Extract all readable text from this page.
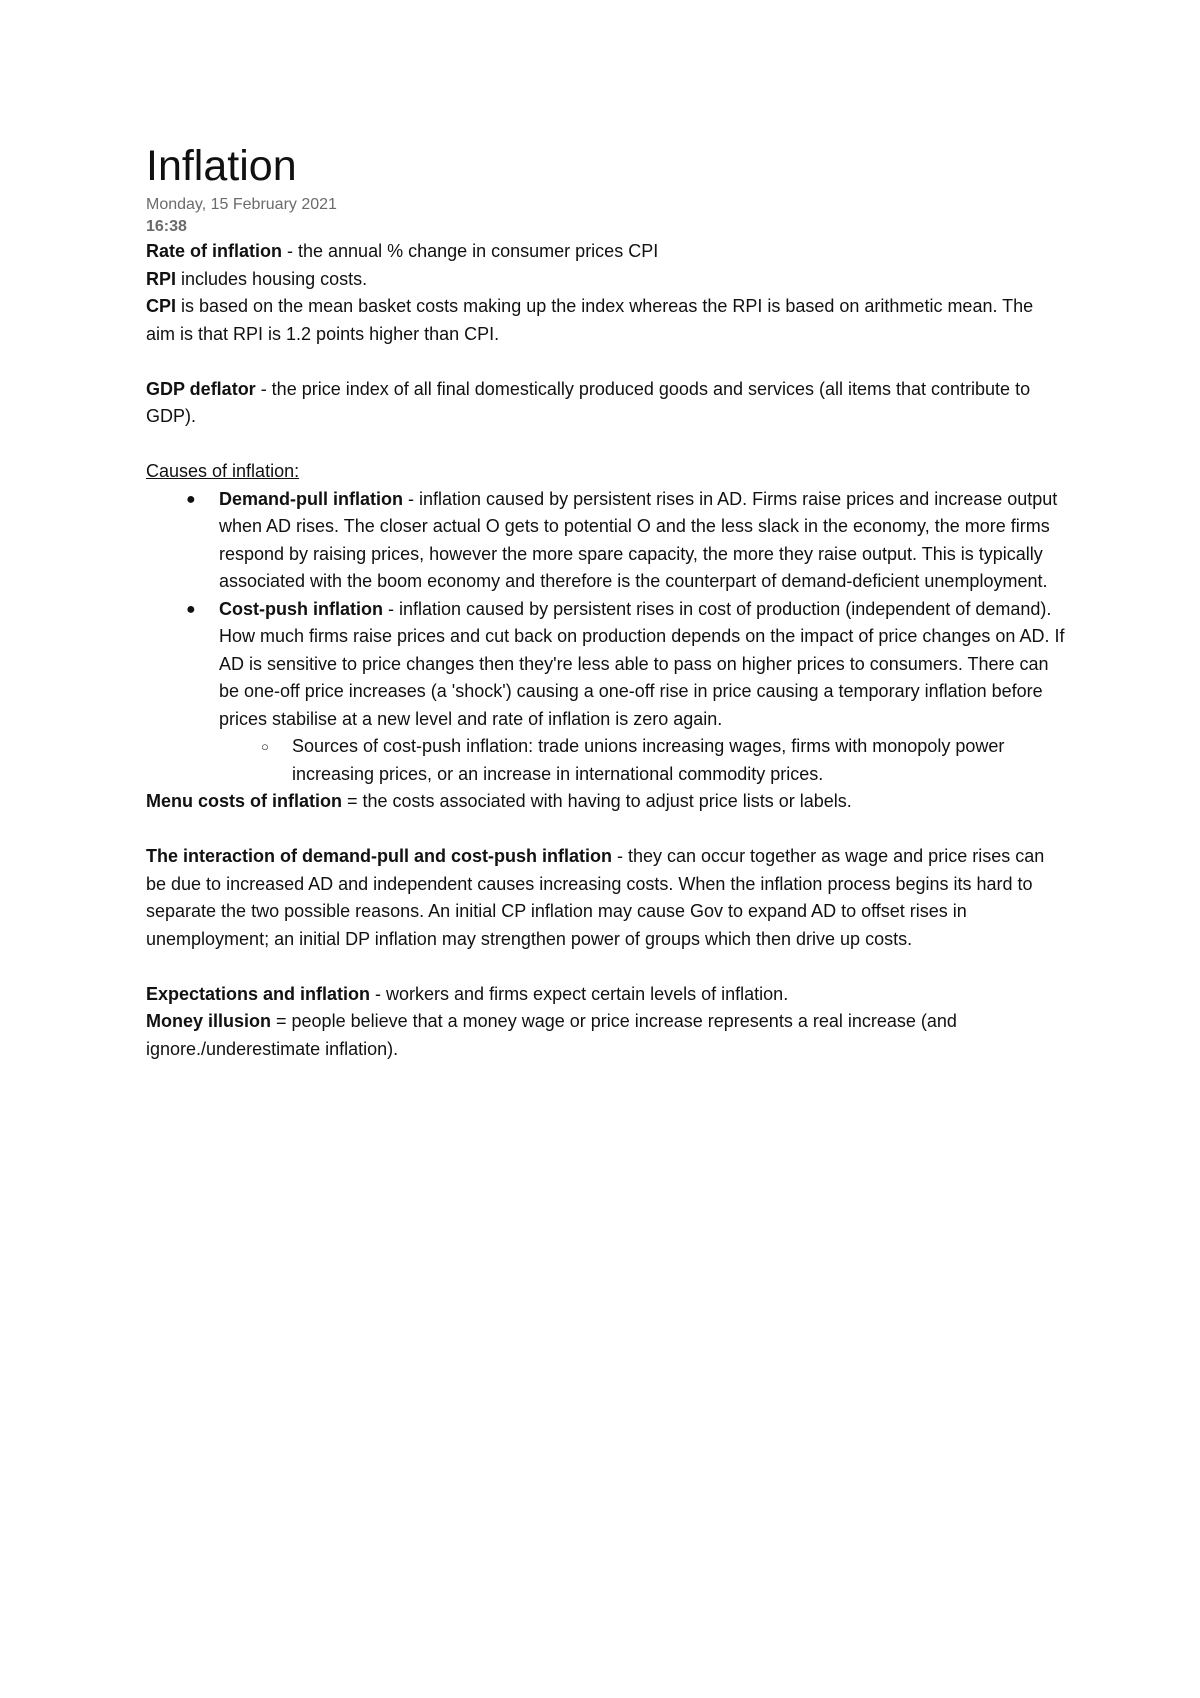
Inflation
Monday, 15 February 2021
16:38

Rate of inflation - the annual % change in consumer prices CPI

RPI includes housing costs.

CPI is based on the mean basket costs making up the index whereas the RPI is based on arithmetic mean. The aim is that RPI is 1.2 points higher than CPI.

GDP deflator - the price index of all final domestically produced goods and services (all items that contribute to GDP).

Causes of inflation:

● Demand-pull inflation - inflation caused by persistent rises in AD. Firms raise prices and increase output when AD rises. The closer actual O gets to potential O and the less slack in the economy, the more firms respond by raising prices, however the more spare capacity, the more they raise output. This is typically associated with the boom economy and therefore is the counterpart of demand-deficient unemployment.
● Cost-push inflation - inflation caused by persistent rises in cost of production (independent of demand). How much firms raise prices and cut back on production depends on the impact of price changes on AD. If AD is sensitive to price changes then they're less able to pass on higher prices to consumers. There can be one-off price increases (a 'shock') causing a one-off rise in price causing a temporary inflation before prices stabilise at a new level and rate of inflation is zero again.
○ Sources of cost-push inflation: trade unions increasing wages, firms with monopoly power increasing prices, or an increase in international commodity prices.

Menu costs of inflation = the costs associated with having to adjust price lists or labels.

The interaction of demand-pull and cost-push inflation - they can occur together as wage and price rises can be due to increased AD and independent causes increasing costs. When the inflation process begins its hard to separate the two possible reasons. An initial CP inflation may cause Gov to expand AD to offset rises in unemployment; an initial DP inflation may strengthen power of groups which then drive up costs.

Expectations and inflation - workers and firms expect certain levels of inflation.

Money illusion = people believe that a money wage or price increase represents a real increase (and ignore./underestimate inflation).
